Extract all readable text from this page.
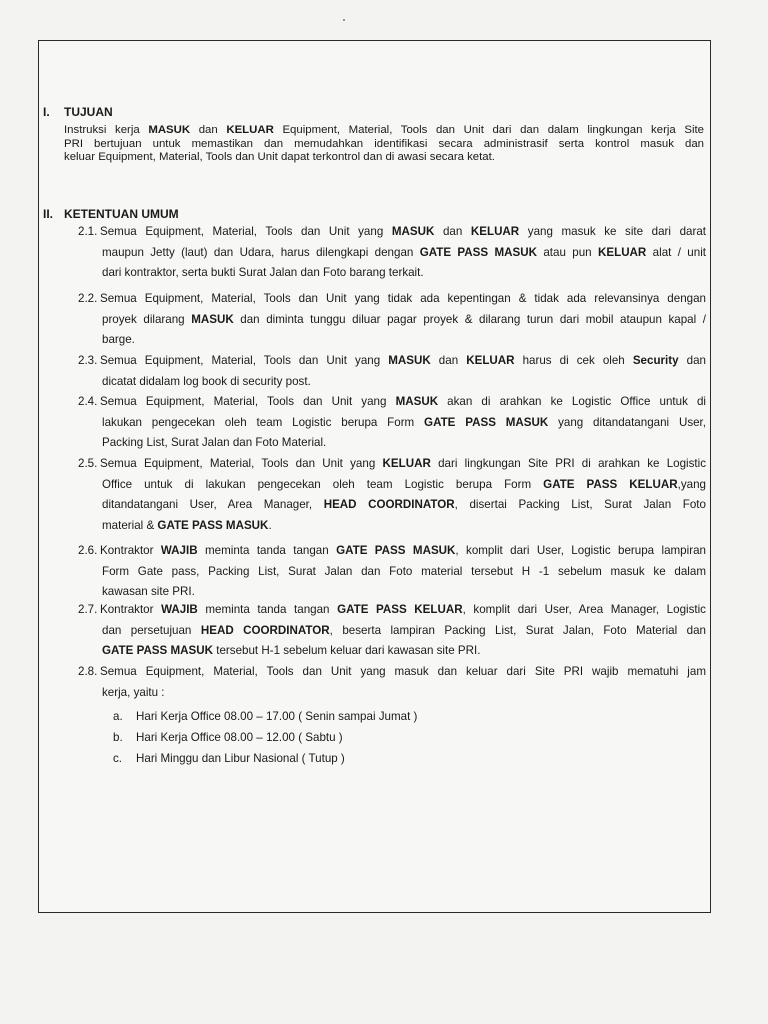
I.	TUJUAN
Instruksi kerja MASUK dan KELUAR Equipment, Material, Tools dan Unit dari dan dalam lingkungan kerja Site
PRI bertujuan untuk memastikan dan memudahkan identifikasi secara administrasif serta kontrol masuk dan
keluar Equipment, Material, Tools dan Unit dapat terkontrol dan di awasi secara ketat.
II. KETENTUAN UMUM
2.1. Semua Equipment, Material, Tools dan Unit yang MASUK dan KELUAR yang masuk ke site dari darat
maupun Jetty (laut) dan Udara, harus dilengkapi dengan GATE PASS MASUK atau pun KELUAR alat / unit
dari kontraktor, serta bukti Surat Jalan dan Foto barang terkait.
2.2. Semua Equipment, Material, Tools dan Unit yang tidak ada kepentingan & tidak ada relevansinya dengan
proyek dilarang MASUK dan diminta tunggu diluar pagar proyek & dilarang turun dari mobil ataupun kapal /
barge.
2.3. Semua Equipment, Material, Tools dan Unit yang MASUK dan KELUAR harus di cek oleh Security dan
dicatat didalam log book di security post.
2.4. Semua Equipment, Material, Tools dan Unit yang MASUK akan di arahkan ke Logistic Office untuk di
lakukan pengecekan oleh team Logistic berupa Form GATE PASS MASUK yang ditandatangani User,
Packing List, Surat Jalan dan Foto Material.
2.5. Semua Equipment, Material, Tools dan Unit yang KELUAR dari lingkungan Site PRI di arahkan ke Logistic
Office untuk di lakukan pengecekan oleh team Logistic berupa Form GATE PASS KELUAR,yang
ditandatangani User, Area Manager, HEAD COORDINATOR, disertai Packing List, Surat Jalan Foto
material & GATE PASS MASUK.
2.6. Kontraktor WAJIB meminta tanda tangan GATE PASS MASUK, komplit dari User, Logistic berupa lampiran
Form Gate pass, Packing List, Surat Jalan dan Foto material tersebut H -1 sebelum masuk ke dalam
kawasan site PRI.
2.7. Kontraktor WAJIB meminta tanda tangan GATE PASS KELUAR, komplit dari User, Area Manager, Logistic
dan persetujuan HEAD COORDINATOR, beserta lampiran Packing List, Surat Jalan, Foto Material dan
GATE PASS MASUK tersebut H-1 sebelum keluar dari kawasan site PRI.
2.8. Semua Equipment, Material, Tools dan Unit yang masuk dan keluar dari Site PRI wajib mematuhi jam
kerja, yaitu :
a.	Hari Kerja Office 08.00 – 17.00 ( Senin sampai Jumat )
b.	Hari Kerja Office 08.00 – 12.00 ( Sabtu )
c.	Hari Minggu dan Libur Nasional ( Tutup )
